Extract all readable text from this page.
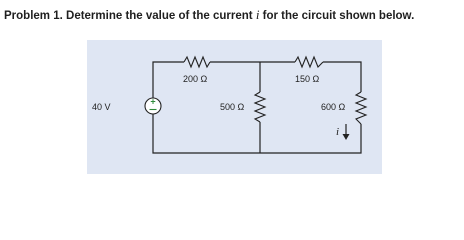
Problem 1. Determine the value of the current i for the circuit shown below.
+
40 V
200 Ω	150 Ω
500 Ω	600 Ω
i
